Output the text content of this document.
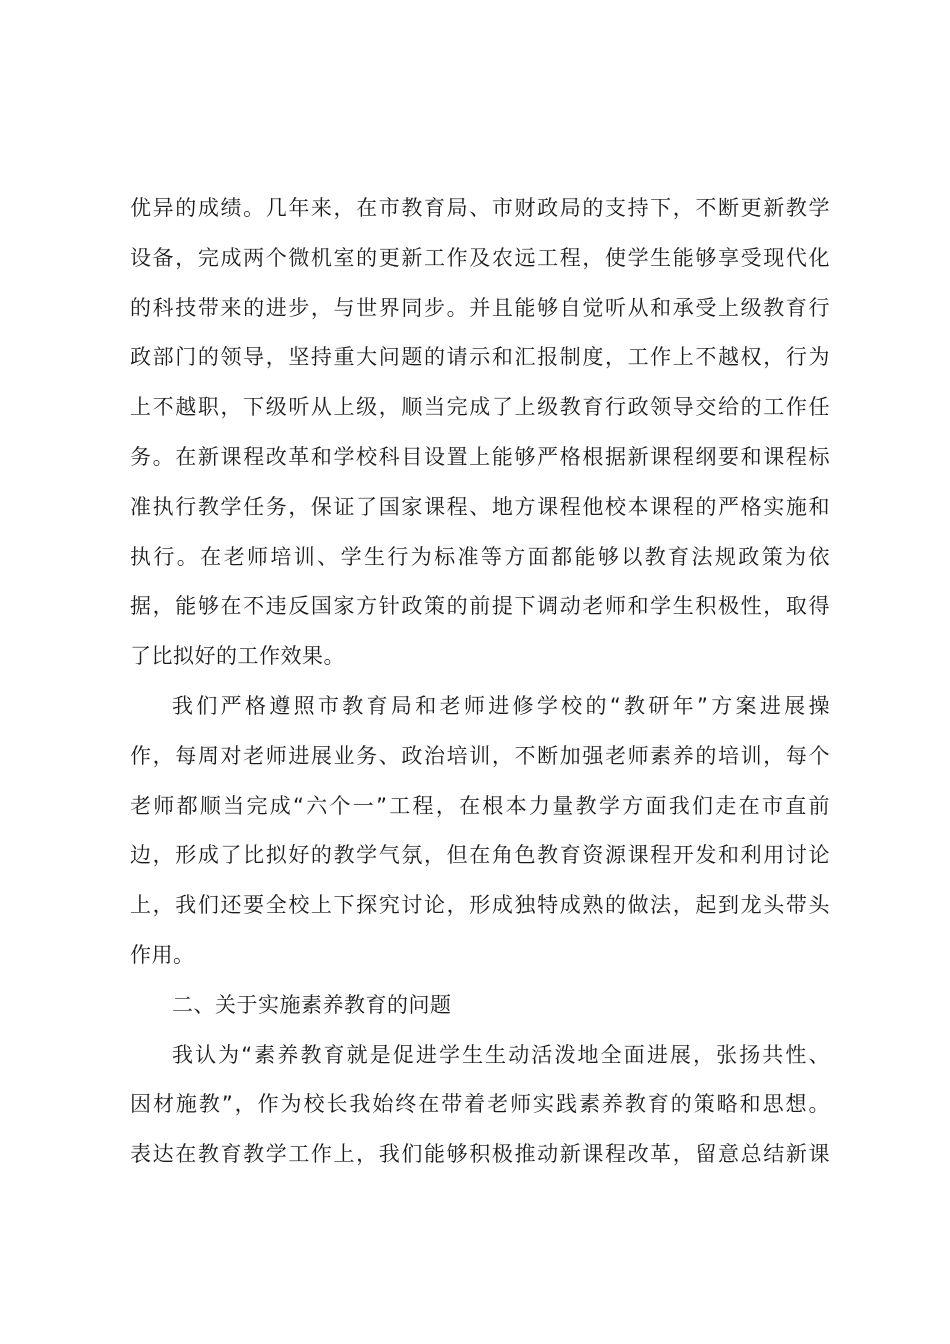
优异的成绩。几年来，在市教育局、市财政局的支持下，不断更新教学
设备，完成两个微机室的更新工作及农远工程，使学生能够享受现代化
的科技带来的进步，与世界同步。并且能够自觉听从和承受上级教育行
政部门的领导，坚持重大问题的请示和汇报制度，工作上不越权，行为
上不越职，下级听从上级，顺当完成了上级教育行政领导交给的工作任
务。在新课程改革和学校科目设置上能够严格根据新课程纲要和课程标
准执行教学任务，保证了国家课程、地方课程他校本课程的严格实施和
执行。在老师培训、学生行为标准等方面都能够以教育法规政策为依
据，能够在不违反国家方针政策的前提下调动老师和学生积极性，取得
了比拟好的工作效果。
我们严格遵照市教育局和老师进修学校的“教研年”方案进展操
作，每周对老师进展业务、政治培训，不断加强老师素养的培训，每个
老师都顺当完成“六个一”工程，在根本力量教学方面我们走在市直前
边，形成了比拟好的教学气氛，但在角色教育资源课程开发和利用讨论
上，我们还要全校上下探究讨论，形成独特成熟的做法，起到龙头带头
作用。
二、关于实施素养教育的问题
我认为“素养教育就是促进学生生动活泼地全面进展，张扬共性、
因材施教”，作为校长我始终在带着老师实践素养教育的策略和思想。
表达在教育教学工作上，我们能够积极推动新课程改革，留意总结新课
